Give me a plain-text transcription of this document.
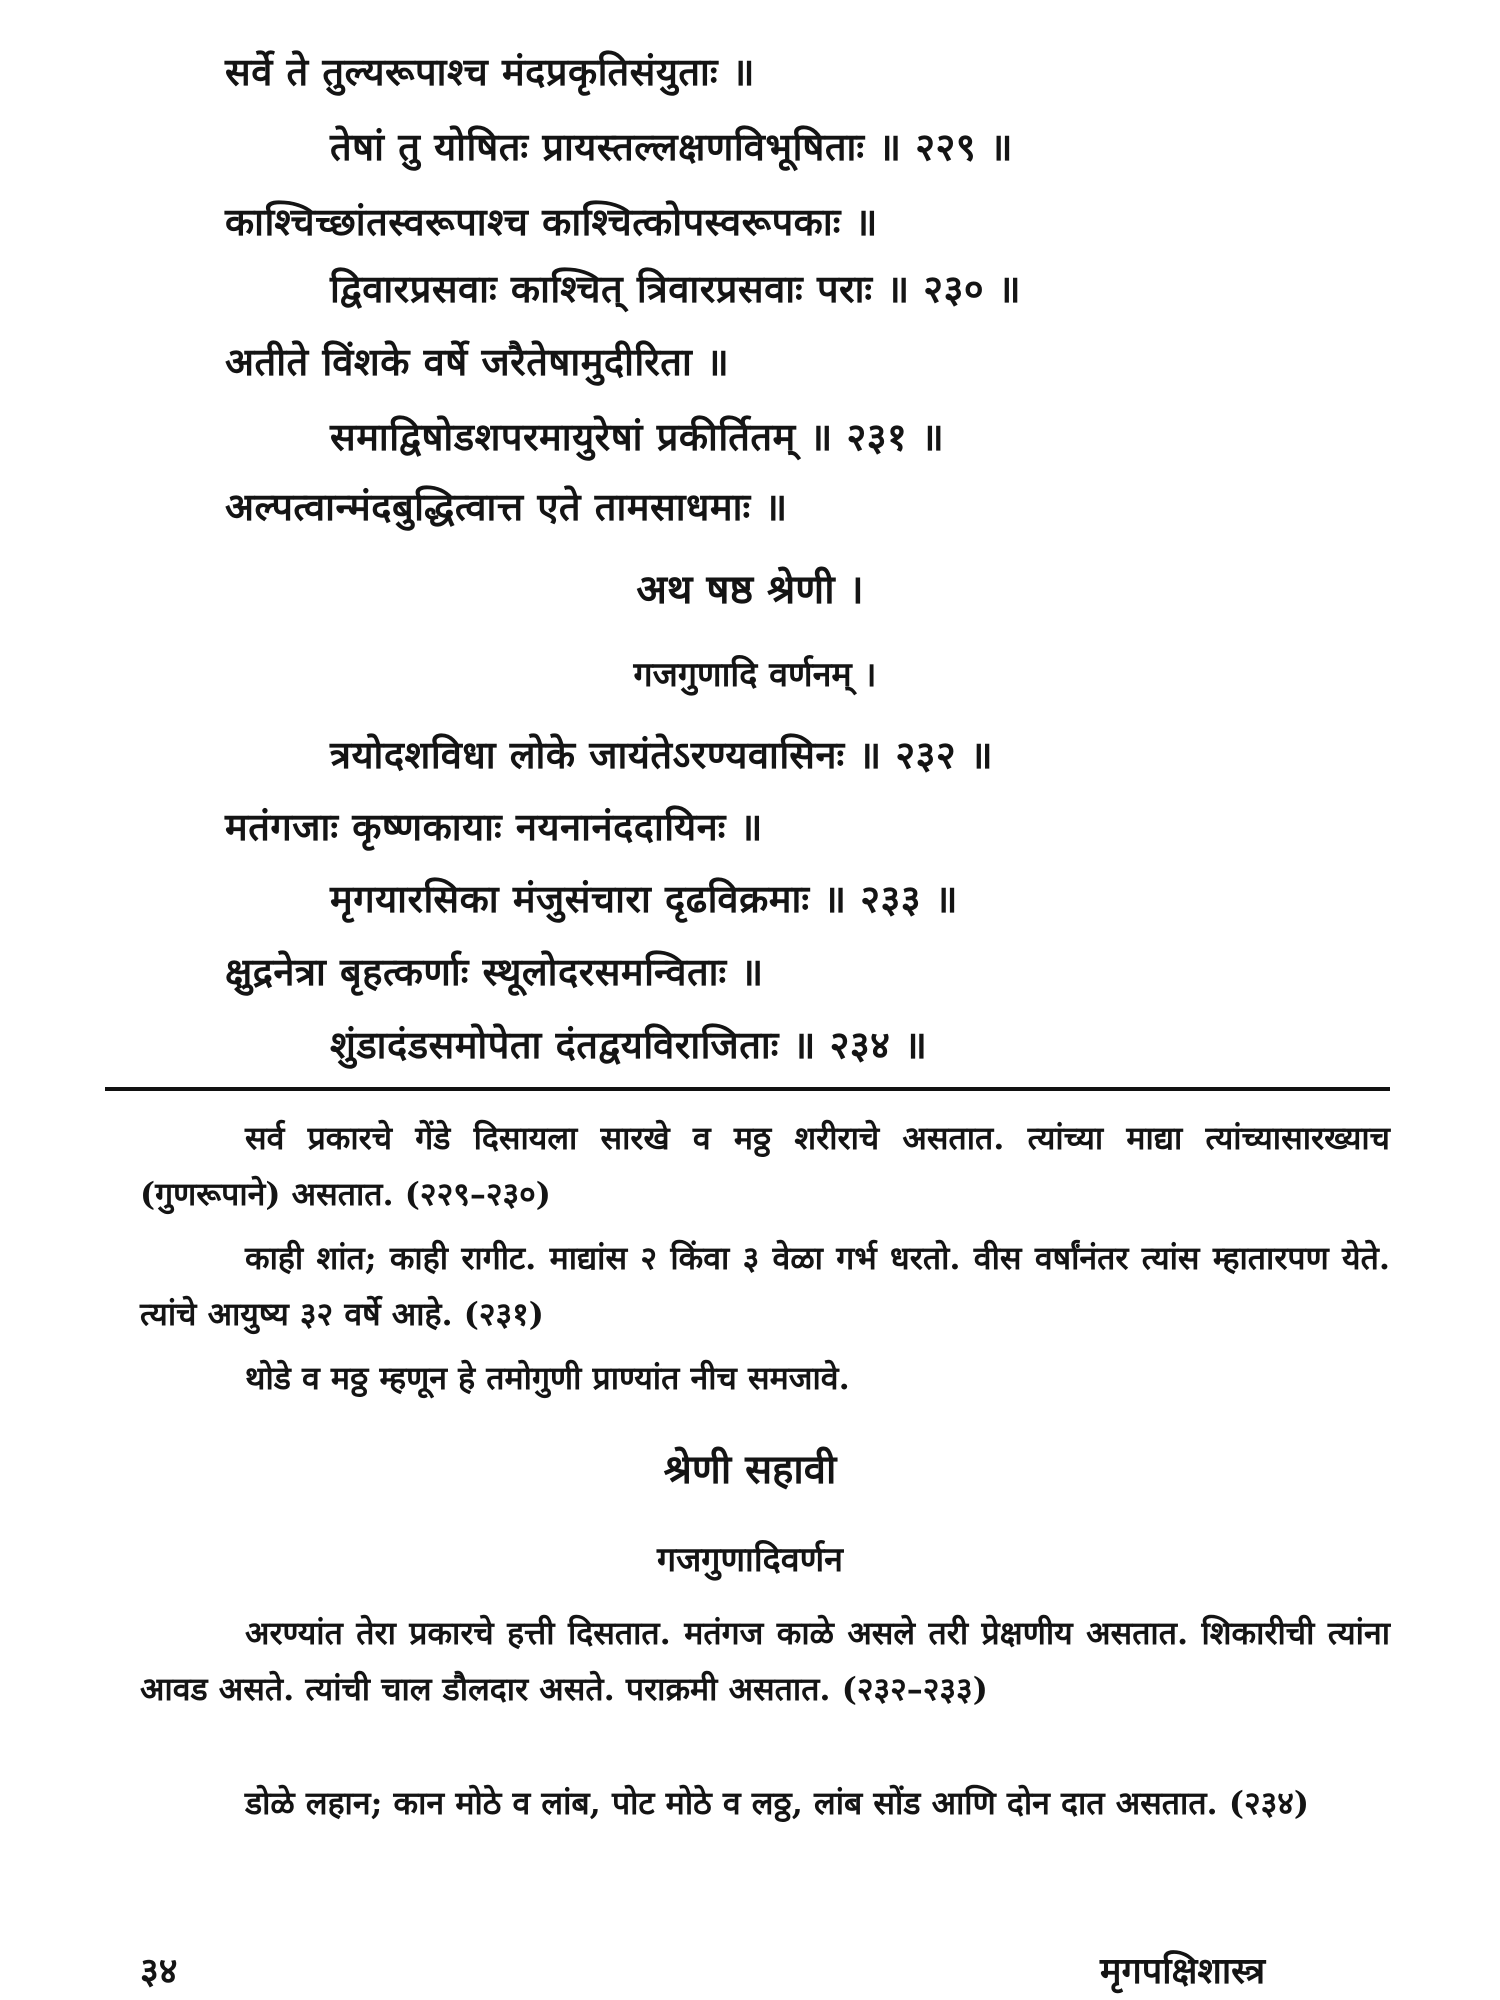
सर्वे ते तुल्यरूपाश्च मंदप्रकृतिसंयुताः ॥
तेषां तु योषितः प्रायस्तल्लक्षणविभूषिताः ॥ २२९ ॥
काश्चिच्छांतस्वरूपाश्च काश्चित्कोपस्वरूपकाः ॥
द्विवारप्रसवाः काश्चित् त्रिवारप्रसवाः पराः ॥ २३० ॥
अतीते विंशके वर्षे जरैतेषामुदीरिता ॥
समाद्विषोडशपरमायुरेषां प्रकीर्तितम् ॥ २३१ ॥
अल्पत्वान्मंदबुद्धित्वात्त एते तामसाधमाः ॥
अथ षष्ठ श्रेणी ।
गजगुणादि वर्णनम् ।
त्रयोदशविधा लोके जायंतेऽरण्यवासिनः ॥ २३२ ॥
मतंगजाः कृष्णकायाः नयनानंददायिनः ॥
मृगयारसिका मंजुसंचारा दृढविक्रमाः ॥ २३३ ॥
क्षुद्रनेत्रा बृहत्कर्णाः स्थूलोदरसमन्विताः ॥
शुंडादंडसमोपेता दंतद्वयविराजिताः ॥ २३४ ॥
सर्व प्रकारचे गेंडे दिसायला सारखे व मठ्ठ शरीराचे असतात. त्यांच्या माद्या त्यांच्यासारख्याच (गुणरूपाने) असतात. (२२९–२३०)
काही शांत; काही रागीट. माद्यांस २ किंवा ३ वेळा गर्भ धरतो. वीस वर्षांनंतर त्यांस म्हातारपण येते. त्यांचे आयुष्य ३२ वर्षे आहे. (२३१)
थोडे व मठ्ठ म्हणून हे तमोगुणी प्राण्यांत नीच समजावे.
श्रेणी सहावी
गजगुणादिवर्णन
अरण्यांत तेरा प्रकारचे हत्ती दिसतात. मतंगज काळे असले तरी प्रेक्षणीय असतात. शिकारीची त्यांना आवड असते. त्यांची चाल डौलदार असते. पराक्रमी असतात. (२३२–२३३)
डोळे लहान; कान मोठे व लांब, पोट मोठे व लठ्ठ, लांब सोंड आणि दोन दात असतात. (२३४)
३४	मृगपक्षिशास्त्र
